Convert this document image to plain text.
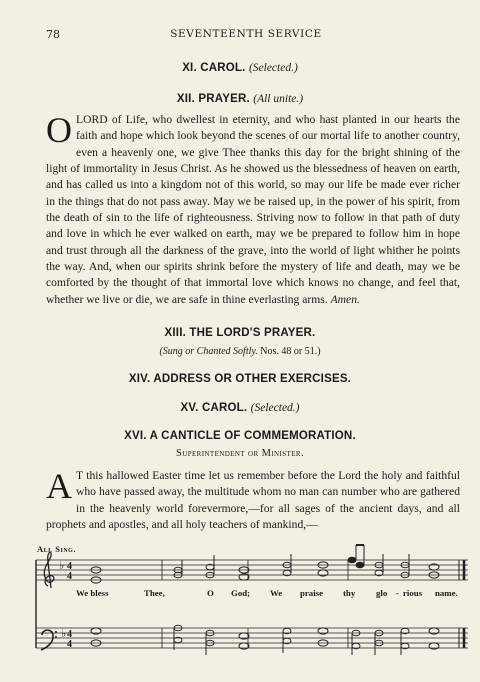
78	SEVENTEENTH SERVICE
XI. CAROL. (Selected.)
XII. PRAYER. (All unite.)
OLORD of Life, who dwellest in eternity, and who hast planted in our hearts the faith and hope which look beyond the scenes of our mortal life to another country, even a heavenly one, we give Thee thanks this day for the bright shining of the light of immortality in Jesus Christ. As he showed us the blessedness of heaven on earth, and has called us into a kingdom not of this world, so may our life be made ever richer in the things that do not pass away. May we be raised up, in the power of his spirit, from the death of sin to the life of righteousness. Striving now to follow in that path of duty and love in which he ever walked on earth, may we be prepared to follow him in hope and trust through all the darkness of the grave, into the world of light whither he points the way. And, when our spirits shrink before the mystery of life and death, may we be comforted by the thought of that immortal love which knows no change, and feel that, whether we live or die, we are safe in thine everlasting arms. Amen.
XIII. THE LORD'S PRAYER.
(Sung or Chanted Softly. Nos. 48 or 51.)
XIV. ADDRESS OR OTHER EXERCISES.
XV. CAROL. (Selected.)
XVI. A CANTICLE OF COMMEMORATION.
Superintendent or Minister.
A T this hallowed Easter time let us remember before the Lord the holy and faithful who have passed away, the multitude whom no man can number who are gathered in the heavenly world forevermore,—for all sages of the ancient days, and all prophets and apostles, and all holy teachers of mankind,—
All Sing.
♭
♭
4
4
4
4
We bless	Thee,	O God; We praise thy glo - rious name.
